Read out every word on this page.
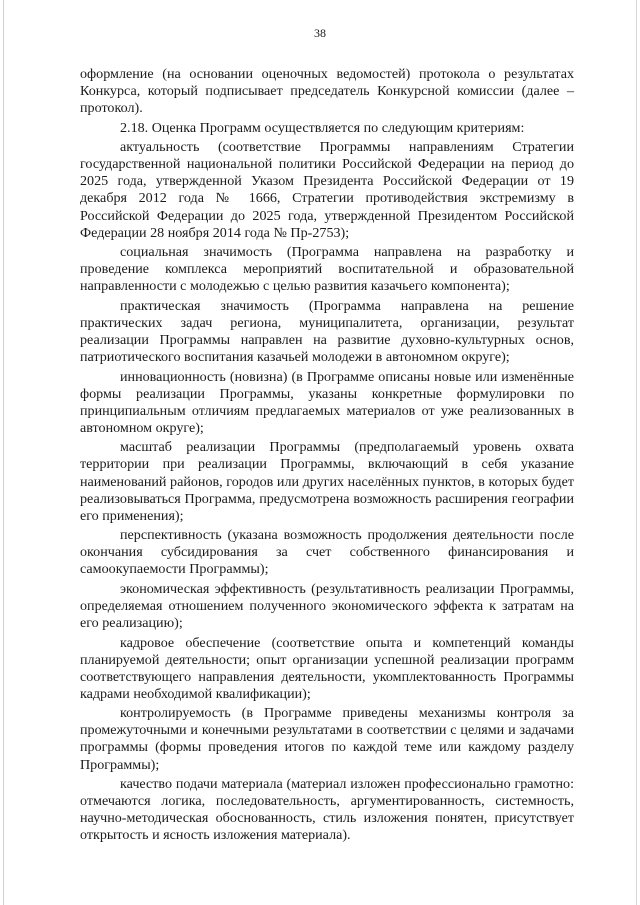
38

оформление (на основании оценочных ведомостей) протокола о результатах Конкурса, который подписывает председатель Конкурсной комиссии (далее – протокол).

2.18. Оценка Программ осуществляется по следующим критериям:

актуальность (соответствие Программы направлениям Стратегии государственной национальной политики Российской Федерации на период до 2025 года, утвержденной Указом Президента Российской Федерации от 19 декабря 2012 года № 1666, Стратегии противодействия экстремизму в Российской Федерации до 2025 года, утвержденной Президентом Российской Федерации 28 ноября 2014 года № Пр-2753);

социальная значимость (Программа направлена на разработку и проведение комплекса мероприятий воспитательной и образовательной направленности с молодежью с целью развития казачьего компонента);

практическая значимость (Программа направлена на решение практических задач региона, муниципалитета, организации, результат реализации Программы направлен на развитие духовно-культурных основ, патриотического воспитания казачьей молодежи в автономном округе);

инновационность (новизна) (в Программе описаны новые или изменённые формы реализации Программы, указаны конкретные формулировки по принципиальным отличиям предлагаемых материалов от уже реализованных в автономном округе);

масштаб реализации Программы (предполагаемый уровень охвата территории при реализации Программы, включающий в себя указание наименований районов, городов или других населённых пунктов, в которых будет реализовываться Программа, предусмотрена возможность расширения географии его применения);

перспективность (указана возможность продолжения деятельности после окончания субсидирования за счет собственного финансирования и самоокупаемости Программы);

экономическая эффективность (результативность реализации Программы, определяемая отношением полученного экономического эффекта к затратам на его реализацию);

кадровое обеспечение (соответствие опыта и компетенций команды планируемой деятельности; опыт организации успешной реализации программ соответствующего направления деятельности, укомплектованность Программы кадрами необходимой квалификации);

контролируемость (в Программе приведены механизмы контроля за промежуточными и конечными результатами в соответствии с целями и задачами программы (формы проведения итогов по каждой теме или каждому разделу Программы);

качество подачи материала (материал изложен профессионально грамотно: отмечаются логика, последовательность, аргументированность, системность, научно-методическая обоснованность, стиль изложения понятен, присутствует открытость и ясность изложения материала).
